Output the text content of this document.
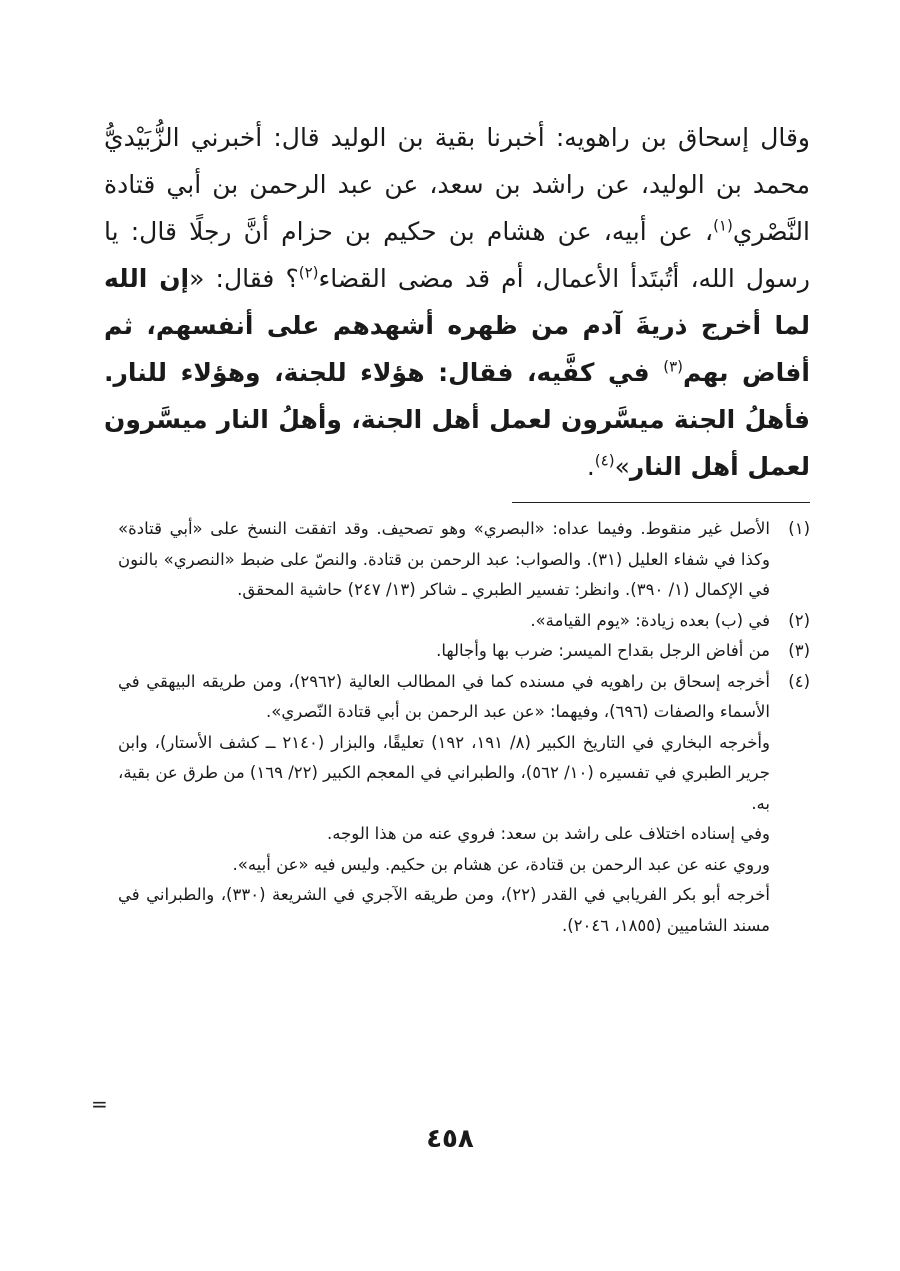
وقال إسحاق بن راهويه: أخبرنا بقية بن الوليد قال: أخبرني الزُّبَيْديُّ محمد بن الوليد، عن راشد بن سعد، عن عبد الرحمن بن أبي قتادة النَّصْري$^{(١)}$، عن أبيه، عن هشام بن حكيم بن حزام أنَّ رجلًا قال: يا رسول الله، أتُبتَدأ الأعمال، أم قد مضى القضاء$^{(٢)}$؟ فقال: «إن الله لما أخرج ذريةَ آدم من ظهره أشهدهم على أنفسهم، ثم أفاض بهم$^{(٣)}$ في كفَّيه، فقال: هؤلاء للجنة، وهؤلاء للنار. فأهلُ الجنة ميسَّرون لعمل أهل الجنة، وأهلُ النار ميسَّرون لعمل أهل النار»$^{(٤)}$.

(١)

الأصل غير منقوط. وفيما عداه: «البصري» وهو تصحيف. وقد اتفقت النسخ على «أبي قتادة» وكذا في شفاء العليل (٣١). والصواب: عبد الرحمن بن قتادة. والنصّ على ضبط «النصري» بالنون في الإكمال (١/ ٣٩٠). وانظر: تفسير الطبري ـ شاكر (١٣/ ٢٤٧) حاشية المحقق.

(٢)

في (ب) بعده زيادة: «يوم القيامة».

(٣)

من أفاض الرجل بقداح الميسر: ضرب بها وأجالها.

(٤)

أخرجه إسحاق بن راهويه في مسنده كما في المطالب العالية (٢٩٦٢)، ومن طريقه البيهقي في الأسماء والصفات (٦٩٦)، وفيهما: «عن عبد الرحمن بن أبي قتادة النّصري».

وأخرجه البخاري في التاريخ الكبير (٨/ ١٩١، ١٩٢) تعليقًا، والبزار (٢١٤٠ ــ كشف الأستار)، وابن جرير الطبري في تفسيره (١٠/ ٥٦٢)، والطبراني في المعجم الكبير (٢٢/ ١٦٩) من طرق عن بقية، به.

وفي إسناده اختلاف على راشد بن سعد: فروي عنه من هذا الوجه.

وروي عنه عن عبد الرحمن بن قتادة، عن هشام بن حكيم. وليس فيه «عن أبيه».

أخرجه أبو بكر الفريابي في القدر (٢٢)، ومن طريقه الآجري في الشريعة (٣٣٠)، والطبراني في مسند الشاميين (١٨٥٥، ٢٠٤٦).

=
٤٥٨
